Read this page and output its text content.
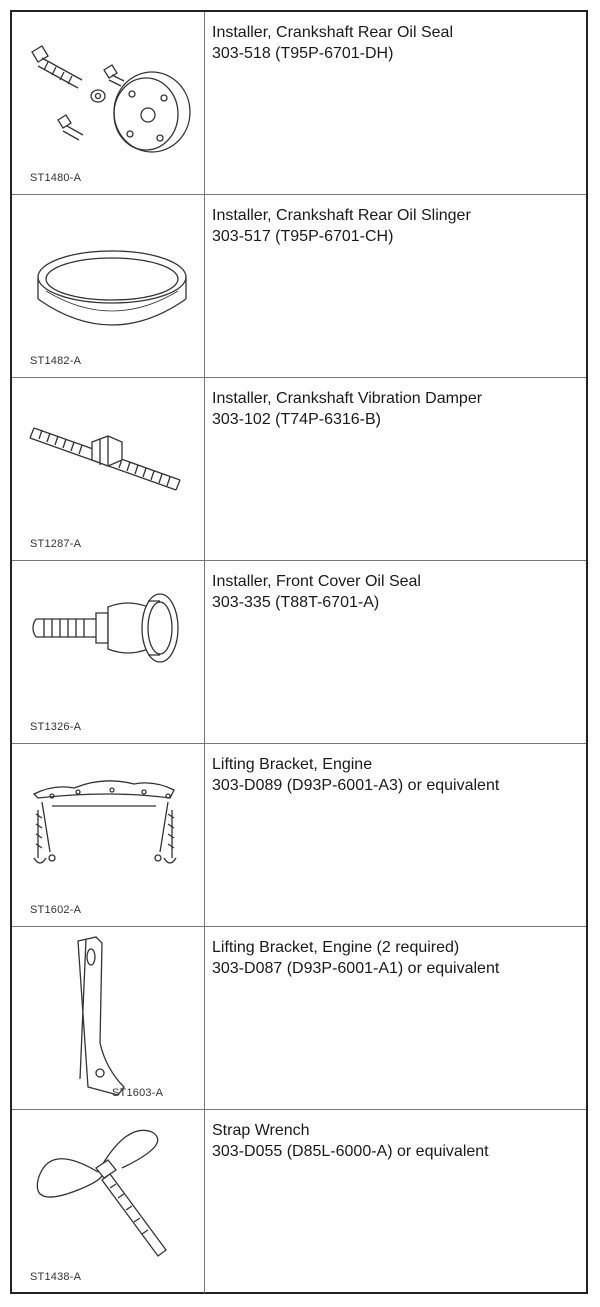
ST1480-A
Installer, Crankshaft Rear Oil Seal
303-518 (T95P-6701-DH)
ST1482-A
Installer, Crankshaft Rear Oil Slinger
303-517 (T95P-6701-CH)
ST1287-A
Installer, Crankshaft Vibration Damper
303-102 (T74P-6316-B)
ST1326-A
Installer, Front Cover Oil Seal
303-335 (T88T-6701-A)
ST1602-A
Lifting Bracket, Engine
303-D089 (D93P-6001-A3) or equivalent
ST1603-A
Lifting Bracket, Engine (2 required)
303-D087 (D93P-6001-A1) or equivalent
ST1438-A
Strap Wrench
303-D055 (D85L-6000-A) or equivalent
